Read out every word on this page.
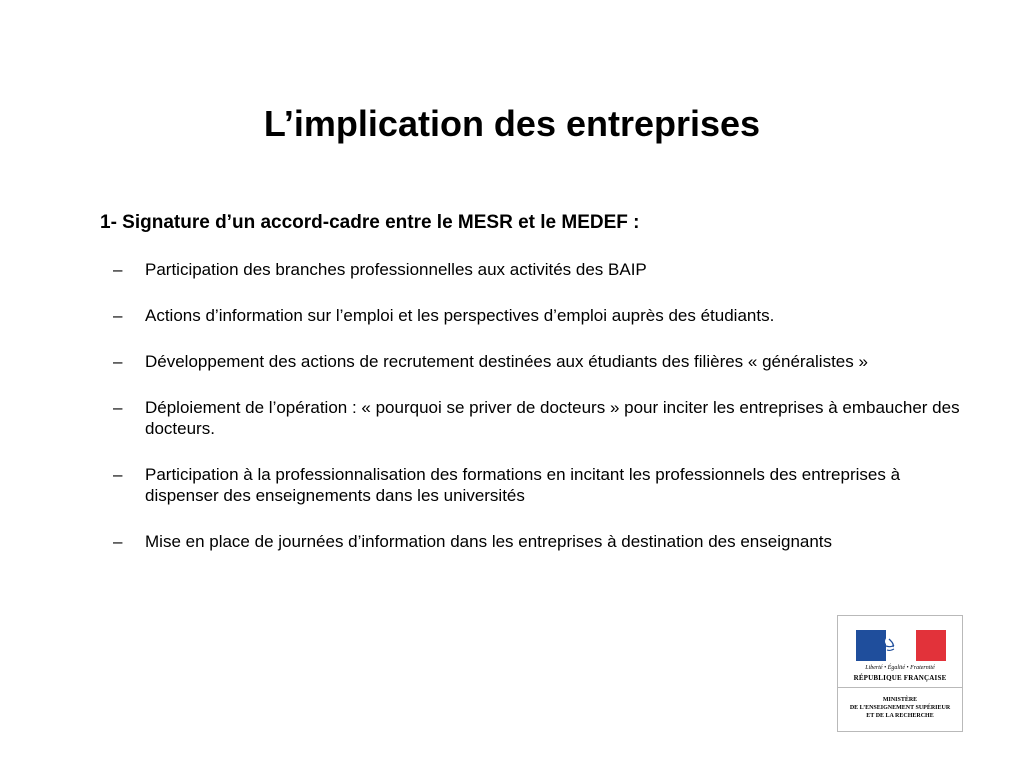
L’implication des entreprises

1- Signature d’un accord-cadre entre le MESR et le MEDEF :

– Participation des branches professionnelles aux activités des BAIP
– Actions d’information sur l’emploi et les perspectives d’emploi auprès des étudiants.
– Développement des actions de recrutement destinées aux étudiants des filières « généralistes »
– Déploiement de l’opération : « pourquoi se priver de docteurs » pour inciter les entreprises à embaucher des docteurs.
– Participation à la professionnalisation des formations en incitant les professionnels des entreprises à dispenser des enseignements dans les universités
– Mise en place de journées d’information dans les entreprises à destination des enseignants
Liberté • Égalité • Fraternité
RÉPUBLIQUE FRANÇAISE
MINISTÈRE
DE L’ENSEIGNEMENT SUPÉRIEUR
ET DE LA RECHERCHE
